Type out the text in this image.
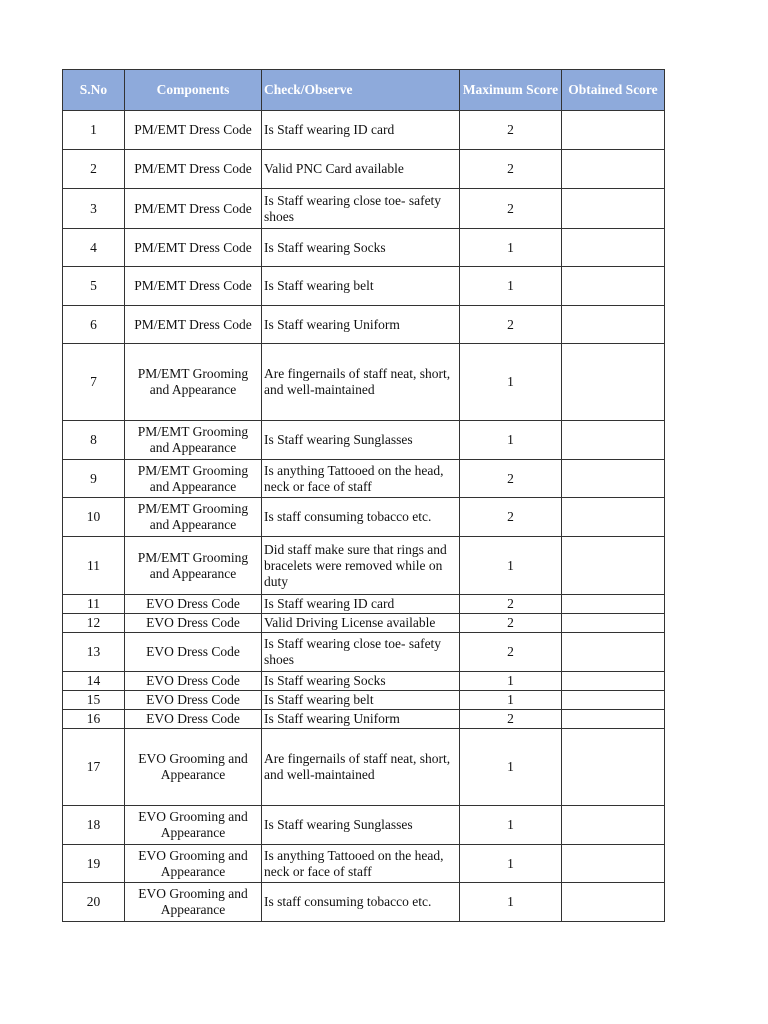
S.No	Components	Check/Observe	Maximum Score	Obtained Score
1	PM/EMT Dress Code	Is Staff wearing ID card	2	
2	PM/EMT Dress Code	Valid PNC Card available	2	
3	PM/EMT Dress Code	Is Staff wearing close toe- safety shoes	2	
4	PM/EMT Dress Code	Is Staff wearing Socks	1	
5	PM/EMT Dress Code	Is Staff wearing belt	1	
6	PM/EMT Dress Code	Is Staff wearing Uniform	2	
7	PM/EMT Grooming and Appearance	Are fingernails of staff neat, short, and well-maintained	1	
8	PM/EMT Grooming and Appearance	Is Staff wearing Sunglasses	1	
9	PM/EMT Grooming and Appearance	Is anything Tattooed on the head, neck or face of staff	2	
10	PM/EMT Grooming and Appearance	Is staff consuming tobacco etc.	2	
11	PM/EMT Grooming and Appearance	Did staff make sure that rings and bracelets were removed while on duty	1	
11	EVO Dress Code	Is Staff wearing ID card	2	
12	EVO Dress Code	Valid Driving License available	2	
13	EVO Dress Code	Is Staff wearing close toe- safety shoes	2	
14	EVO Dress Code	Is Staff wearing Socks	1	
15	EVO Dress Code	Is Staff wearing belt	1	
16	EVO Dress Code	Is Staff wearing Uniform	2	
17	EVO Grooming and Appearance	Are fingernails of staff neat, short, and well-maintained	1	
18	EVO Grooming and Appearance	Is Staff wearing Sunglasses	1	
19	EVO Grooming and Appearance	Is anything Tattooed on the head, neck or face of staff	1	
20	EVO Grooming and Appearance	Is staff consuming tobacco etc.	1	
